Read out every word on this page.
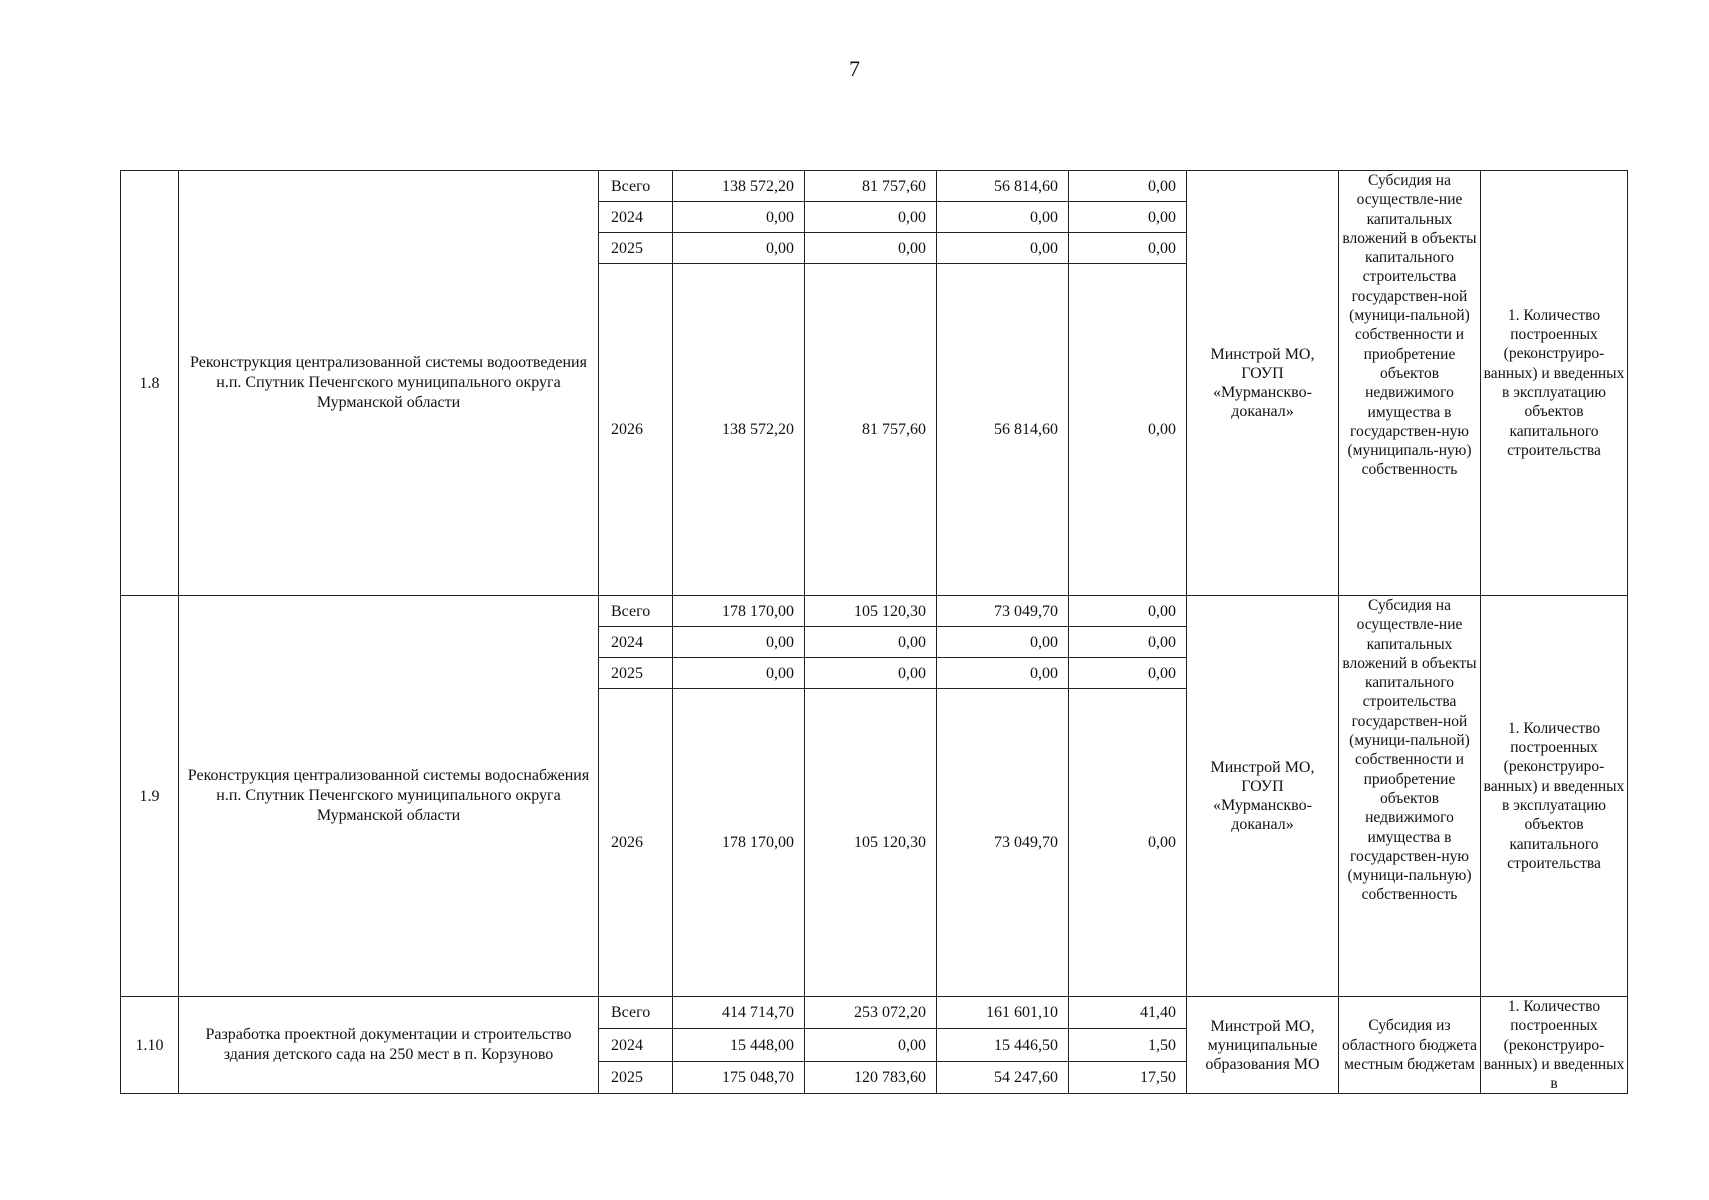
7
1.8	Реконструкция централизованной системы водоотведения н.п. Спутник Печенгского муниципального округа Мурманской области	Всего	138 572,20	81 757,60	56 814,60	0,00	Минстрой МО, ГОУП «Мурманскво-доканал»	Субсидия на осуществле-ние капитальных вложений в объекты капитального строительства государствен-ной (муници-пальной) собственности и приобретение объектов недвижимого имущества в государствен-ную (муниципаль-ную) собственность	1. Количество построенных (реконструиро-ванных) и введенных в эксплуатацию объектов капитального строительства
		2024	0,00	0,00	0,00	0,00			
		2025	0,00	0,00	0,00	0,00			
		2026	138 572,20	81 757,60	56 814,60	0,00			
1.9	Реконструкция централизованной системы водоснабжения н.п. Спутник Печенгского муниципального округа Мурманской области	Всего	178 170,00	105 120,30	73 049,70	0,00	Минстрой МО, ГОУП «Мурманскво-доканал»	Субсидия на осуществле-ние капитальных вложений в объекты капитального строительства государствен-ной (муници-пальной) собственности и приобретение объектов недвижимого имущества в государствен-ную (муници-пальную) собственность	1. Количество построенных (реконструиро-ванных) и введенных в эксплуатацию объектов капитального строительства
		2024	0,00	0,00	0,00	0,00			
		2025	0,00	0,00	0,00	0,00			
		2026	178 170,00	105 120,30	73 049,70	0,00			
1.10	Разработка проектной документации и строительство здания детского сада на 250 мест в п. Корзуново	Всего	414 714,70	253 072,20	161 601,10	41,40	Минстрой МО, муниципальные образования МО	Субсидия из областного бюджета местным бюджетам	1. Количество построенных (реконструиро-ванных) и введенных в
		2024	15 448,00	0,00	15 446,50	1,50			
		2025	175 048,70	120 783,60	54 247,60	17,50			
